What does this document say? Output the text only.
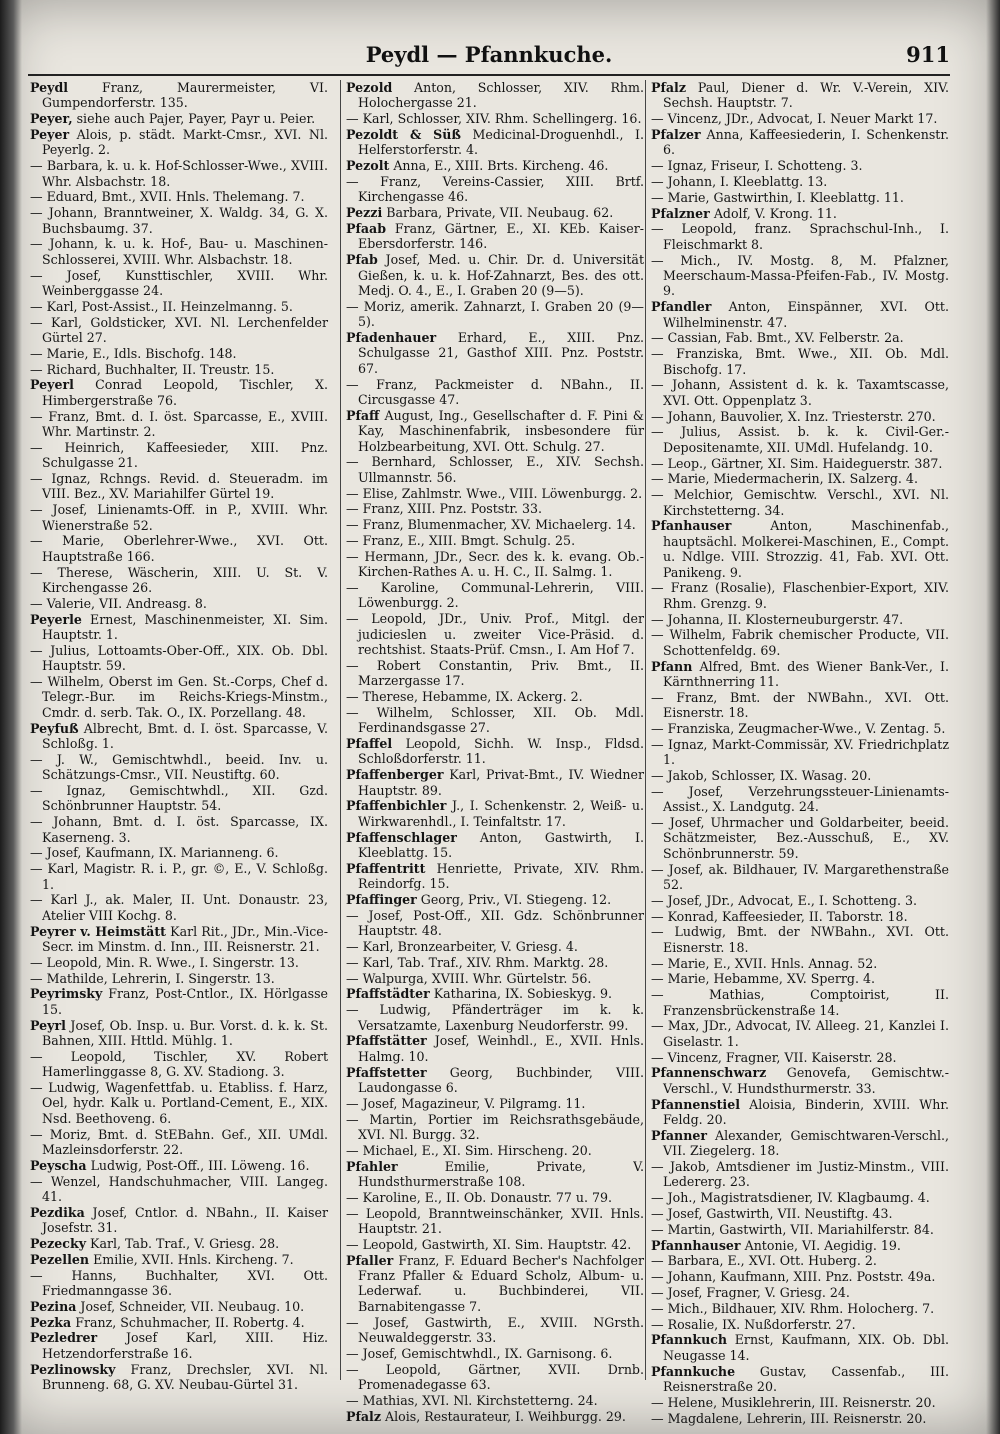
Peydl — Pfannkuche.	911
Peydl	Franz, Maurermeister, VI. Gumpendorferstr. 135.
Peyer, siehe auch Pajer, Payer, Payr u. Peier.
Peyer Alois, p. städt. Markt-Cmsr., XVI. Nl. Peyerlg. 2.
— Barbara, k. u. k. Hof-Schlosser-Wwe., XVIII. Whr. Alsbachstr. 18.
— Eduard, Bmt., XVII. Hnls. Thelemang. 7.
— Johann, Branntweiner, X. Waldg. 34, G. X. Buchsbaumg. 37.
— Johann, k. u. k. Hof-, Bau- u. Maschinen-Schlosserei, XVIII. Whr. Alsbachstr. 18.
— Josef, Kunsttischler, XVIII. Whr. Weinberggasse 24.
— Karl, Post-Assist., II. Heinzelmanng. 5.
— Karl, Goldsticker, XVI. Nl. Lerchenfelder Gürtel 27.
— Marie, E., Idls. Bischofg. 148.
— Richard, Buchhalter, II. Treustr. 15.
Peyerl Conrad Leopold, Tischler, X. Himbergerstraße 76.
— Franz, Bmt. d. I. öst. Sparcasse, E., XVIII. Whr. Martinstr. 2.
— Heinrich, Kaffeesieder, XIII. Pnz. Schulgasse 21.
— Ignaz, Rchngs. Revid. d. Steueradm. im VIII. Bez., XV. Mariahilfer Gürtel 19.
— Josef, Linienamts-Off. in P., XVIII. Whr. Wienerstraße 52.
— Marie, Oberlehrer-Wwe., XVI. Ott. Hauptstraße 166.
— Therese, Wäscherin, XIII. U. St. V. Kirchengasse 26.
— Valerie, VII. Andreasg. 8.
Peyerle Ernest, Maschinenmeister, XI. Sim. Hauptstr. 1.
— Julius, Lottoamts-Ober-Off., XIX. Ob. Dbl. Hauptstr. 59.
— Wilhelm, Oberst im Gen. St.-Corps, Chef d. Telegr.-Bur. im Reichs-Kriegs-Minstm., Cmdr. d. serb. Tak. O., IX. Porzellang. 48.
Peyfuß Albrecht, Bmt. d. I. öst. Sparcasse, V. Schloßg. 1.
— J. W., Gemischtwhdl., beeid. Inv. u. Schätzungs-Cmsr., VII. Neustiftg. 60.
— Ignaz, Gemischtwhdl., XII. Gzd. Schönbrunner Hauptstr. 54.
— Johann, Bmt. d. I. öst. Sparcasse, IX. Kaserneng. 3.
— Josef, Kaufmann, IX. Marianneng. 6.
— Karl, Magistr. R. i. P., gr. ©, E., V. Schloßg. 1.
— Karl J., ak. Maler, II. Unt. Donaustr. 23, Atelier VIII Kochg. 8.
Peyrer v. Heimstätt Karl Rit., JDr., Min.-Vice-Secr. im Minstm. d. Inn., III. Reisnerstr. 21.
— Leopold, Min. R. Wwe., I. Singerstr. 13.
— Mathilde, Lehrerin, I. Singerstr. 13.
Peyrimsky Franz, Post-Cntlor., IX. Hörlgasse 15.
Peyrl Josef, Ob. Insp. u. Bur. Vorst. d. k. k. St. Bahnen, XIII. Httld. Mühlg. 1.
— Leopold, Tischler, XV. Robert Hamerlinggasse 8, G. XV. Stadiong. 3.
— Ludwig, Wagenfettfab. u. Etabliss. f. Harz, Oel, hydr. Kalk u. Portland-Cement, E., XIX. Nsd. Beethoveng. 6.
— Moriz, Bmt. d. StEBahn. Gef., XII. UMdl. Mazleinsdorferstr. 22.
Peyscha Ludwig, Post-Off., III. Löweng. 16.
— Wenzel, Handschuhmacher, VIII. Langeg. 41.
Pezdika Josef, Cntlor. d. NBahn., II. Kaiser Josefstr. 31.
Pezecky Karl, Tab. Traf., V. Griesg. 28.
Pezellen Emilie, XVII. Hnls. Kircheng. 7.
— Hanns, Buchhalter, XVI. Ott. Friedmanngasse 36.
Pezina Josef, Schneider, VII. Neubaug. 10.
Pezka Franz, Schuhmacher, II. Robertg. 4.
Pezledrer Josef Karl, XIII. Hiz. Hetzendorferstraße 16.
Pezlinowsky Franz, Drechsler, XVI. Nl. Brunneng. 68, G. XV. Neubau-Gürtel 31.
Pezold Anton, Schlosser, XIV. Rhm. Holochergasse 21.
— Karl, Schlosser, XIV. Rhm. Schellingerg. 16.
Pezoldt & Süß Medicinal-Droguenhdl., I. Helferstorferstr. 4.
Pezolt Anna, E., XIII. Brts. Kircheng. 46.
— Franz, Vereins-Cassier, XIII. Brtf. Kirchengasse 46.
Pezzi Barbara, Private, VII. Neubaug. 62.
Pfaab Franz, Gärtner, E., XI. KEb. Kaiser-Ebersdorferstr. 146.
Pfab Josef, Med. u. Chir. Dr. d. Universität Gießen, k. u. k. Hof-Zahnarzt, Bes. des ott. Medj. O. 4., E., I. Graben 20 (9—5).
— Moriz, amerik. Zahnarzt, I. Graben 20 (9—5).
Pfadenhauer Erhard, E., XIII. Pnz. Schulgasse 21, Gasthof XIII. Pnz. Poststr. 67.
— Franz, Packmeister d. NBahn., II. Circusgasse 47.
Pfaff August, Ing., Gesellschafter d. F. Pini & Kay, Maschinenfabrik, insbesondere für Holzbearbeitung, XVI. Ott. Schulg. 27.
— Bernhard, Schlosser, E., XIV. Sechsh. Ullmannstr. 56.
— Elise, Zahlmstr. Wwe., VIII. Löwenburgg. 2.
— Franz, XIII. Pnz. Poststr. 33.
— Franz, Blumenmacher, XV. Michaelerg. 14.
— Franz, E., XIII. Bmgt. Schulg. 25.
— Hermann, JDr., Secr. des k. k. evang. Ob.-Kirchen-Rathes A. u. H. C., II. Salmg. 1.
— Karoline, Communal-Lehrerin, VIII. Löwenburgg. 2.
— Leopold, JDr., Univ. Prof., Mitgl. der judicieslen u. zweiter Vice-Präsid. d. rechtshist. Staats-Prüf. Cmsn., I. Am Hof 7.
— Robert Constantin, Priv. Bmt., II. Marzergasse 17.
— Therese, Hebamme, IX. Ackerg. 2.
— Wilhelm, Schlosser, XII. Ob. Mdl. Ferdinandsgasse 27.
Pfaffel Leopold, Sichh. W. Insp., Fldsd. Schloßdorferstr. 11.
Pfaffenberger Karl, Privat-Bmt., IV. Wiedner Hauptstr. 89.
Pfaffenbichler J., I. Schenkenstr. 2, Weiß- u. Wirkwarenhdl., I. Teinfaltstr. 17.
Pfaffenschlager Anton, Gastwirth, I. Kleeblattg. 15.
Pfaffentritt Henriette, Private, XIV. Rhm. Reindorfg. 15.
Pfaffinger Georg, Priv., VI. Stiegeng. 12.
— Josef, Post-Off., XII. Gdz. Schönbrunner Hauptstr. 48.
— Karl, Bronzearbeiter, V. Griesg. 4.
— Karl, Tab. Traf., XIV. Rhm. Marktg. 28.
— Walpurga, XVIII. Whr. Gürtelstr. 56.
Pfaffstädter Katharina, IX. Sobieskyg. 9.
— Ludwig, Pfänderträger im k. k. Versatzamte, Laxenburg Neudorferstr. 99.
Pfaffstätter Josef, Weinhdl., E., XVII. Hnls. Halmg. 10.
Pfaffstetter Georg, Buchbinder, VIII. Laudongasse 6.
— Josef, Magazineur, V. Pilgramg. 11.
— Martin, Portier im Reichsrathsgebäude, XVI. Nl. Burgg. 32.
— Michael, E., XI. Sim. Hirscheng. 20.
Pfahler	Emilie, Private, V. Hundsthurmerstraße 108.
— Karoline, E., II. Ob. Donaustr. 77 u. 79.
— Leopold, Branntweinschänker, XVII. Hnls. Hauptstr. 21.
— Leopold, Gastwirth, XI. Sim. Hauptstr. 42.
Pfaller Franz, F. Eduard Becher's Nachfolger Franz Pfaller & Eduard Scholz, Album- u. Lederwaf. u. Buchbinderei, VII. Barnabitengasse 7.
— Josef, Gastwirth, E., XVIII. NGrsth. Neuwaldeggerstr. 33.
— Josef, Gemischtwhdl., IX. Garnisong. 6.
— Leopold, Gärtner, XVII. Drnb. Promenadegasse 63.
— Mathias, XVI. Nl. Kirchstetterng. 24.
Pfalz Alois, Restaurateur, I. Weihburgg. 29.
Pfalz Paul, Diener d. Wr. V.-Verein, XIV. Sechsh. Hauptstr. 7.
— Vincenz, JDr., Advocat, I. Neuer Markt 17.
Pfalzer Anna, Kaffeesiederin, I. Schenkenstr. 6.
— Ignaz, Friseur, I. Schotteng. 3.
— Johann, I. Kleeblattg. 13.
— Marie, Gastwirthin, I. Kleeblattg. 11.
Pfalzner Adolf, V. Krong. 11.
— Leopold, franz. Sprachschul-Inh., I. Fleischmarkt 8.
— Mich., IV. Mostg. 8, M. Pfalzner, Meerschaum-Massa-Pfeifen-Fab., IV. Mostg. 9.
Pfandler Anton, Einspänner, XVI. Ott. Wilhelminenstr. 47.
— Cassian, Fab. Bmt., XV. Felberstr. 2a.
— Franziska, Bmt. Wwe., XII. Ob. Mdl. Bischofg. 17.
— Johann, Assistent d. k. k. Taxamtscasse, XVI. Ott. Oppenplatz 3.
— Johann, Bauvolier, X. Inz. Triesterstr. 270.
— Julius, Assist. b. k. k. Civil-Ger.-Depositenamte, XII. UMdl. Hufelandg. 10.
— Leop., Gärtner, XI. Sim. Haideguerstr. 387.
— Marie, Miedermacherin, IX. Salzerg. 4.
— Melchior, Gemischtw. Verschl., XVI. Nl. Kirchstetterng. 34.
Pfanhauser	Anton, Maschinenfab., hauptsächl. Molkerei-Maschinen, E., Compt. u. Ndlge. VIII. Strozzig. 41, Fab. XVI. Ott. Panikeng. 9.
— Franz (Rosalie), Flaschenbier-Export, XIV. Rhm. Grenzg. 9.
— Johanna, II. Klosterneuburgerstr. 47.
— Wilhelm, Fabrik chemischer Producte, VII. Schottenfeldg. 69.
Pfann Alfred, Bmt. des Wiener Bank-Ver., I. Kärnthnerring 11.
— Franz, Bmt. der NWBahn., XVI. Ott. Eisnerstr. 18.
— Franziska, Zeugmacher-Wwe., V. Zentag. 5.
— Ignaz, Markt-Commissär, XV. Friedrichplatz 1.
— Jakob, Schlosser, IX. Wasag. 20.
— Josef, Verzehrungssteuer-Linienamts-Assist., X. Landgutg. 24.
— Josef, Uhrmacher und Goldarbeiter, beeid. Schätzmeister, Bez.-Ausschuß, E., XV. Schönbrunnerstr. 59.
— Josef, ak. Bildhauer, IV. Margarethenstraße 52.
— Josef, JDr., Advocat, E., I. Schotteng. 3.
— Konrad, Kaffeesieder, II. Taborstr. 18.
— Ludwig, Bmt. der NWBahn., XVI. Ott. Eisnerstr. 18.
— Marie, E., XVII. Hnls. Annag. 52.
— Marie, Hebamme, XV. Sperrg. 4.
— Mathias, Comptoirist, II. Franzensbrückenstraße 14.
— Max, JDr., Advocat, IV. Alleeg. 21, Kanzlei I. Giselastr. 1.
— Vincenz, Fragner, VII. Kaiserstr. 28.
Pfannenschwarz Genovefa, Gemischtw.-Verschl., V. Hundsthurmerstr. 33.
Pfannenstiel Aloisia, Binderin, XVIII. Whr. Feldg. 20.
Pfanner Alexander, Gemischtwaren-Verschl., VII. Ziegelerg. 18.
— Jakob, Amtsdiener im Justiz-Minstm., VIII. Ledererg. 23.
— Joh., Magistratsdiener, IV. Klagbaumg. 4.
— Josef, Gastwirth, VII. Neustiftg. 43.
— Martin, Gastwirth, VII. Mariahilferstr. 84.
Pfannhauser Antonie, VI. Aegidig. 19.
— Barbara, E., XVI. Ott. Huberg. 2.
— Johann, Kaufmann, XIII. Pnz. Poststr. 49a.
— Josef, Fragner, V. Griesg. 24.
— Mich., Bildhauer, XIV. Rhm. Holocherg. 7.
— Rosalie, IX. Nußdorferstr. 27.
Pfannkuch Ernst, Kaufmann, XIX. Ob. Dbl. Neugasse 14.
Pfannkuche Gustav, Cassenfab., III. Reisnerstraße 20.
— Helene, Musiklehrerin, III. Reisnerstr. 20.
— Magdalene, Lehrerin, III. Reisnerstr. 20.
